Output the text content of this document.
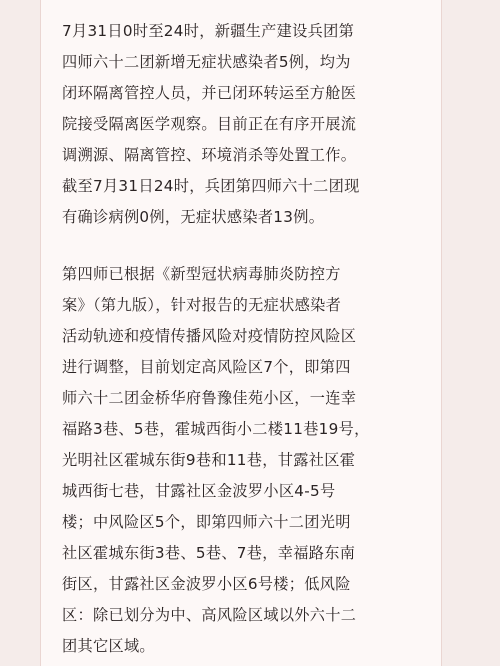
7月31日0时至24时，新疆生产建设兵团第

四师六十二团新增无症状感染者5例，均为

闭环隔离管控人员，并已闭环转运至方舱医

院接受隔离医学观察。目前正在有序开展流

调溯源、隔离管控、环境消杀等处置工作。

截至7月31日24时，兵团第四师六十二团现

有确诊病例0例，无症状感染者13例。

第四师已根据《新型冠状病毒肺炎防控方

案》（第九版），针对报告的无症状感染者

活动轨迹和疫情传播风险对疫情防控风险区

进行调整，目前划定高风险区7个，即第四

师六十二团金桥华府鲁豫佳苑小区，一连幸

福路3巷、5巷，霍城西街小二楼11巷19号，

光明社区霍城东街9巷和11巷，甘露社区霍

城西街七巷，甘露社区金波罗小区4-5号

楼；中风险区5个，即第四师六十二团光明

社区霍城东街3巷、5巷、7巷，幸福路东南

街区，甘露社区金波罗小区6号楼；低风险

区：除已划分为中、高风险区域以外六十二

团其它区域。
